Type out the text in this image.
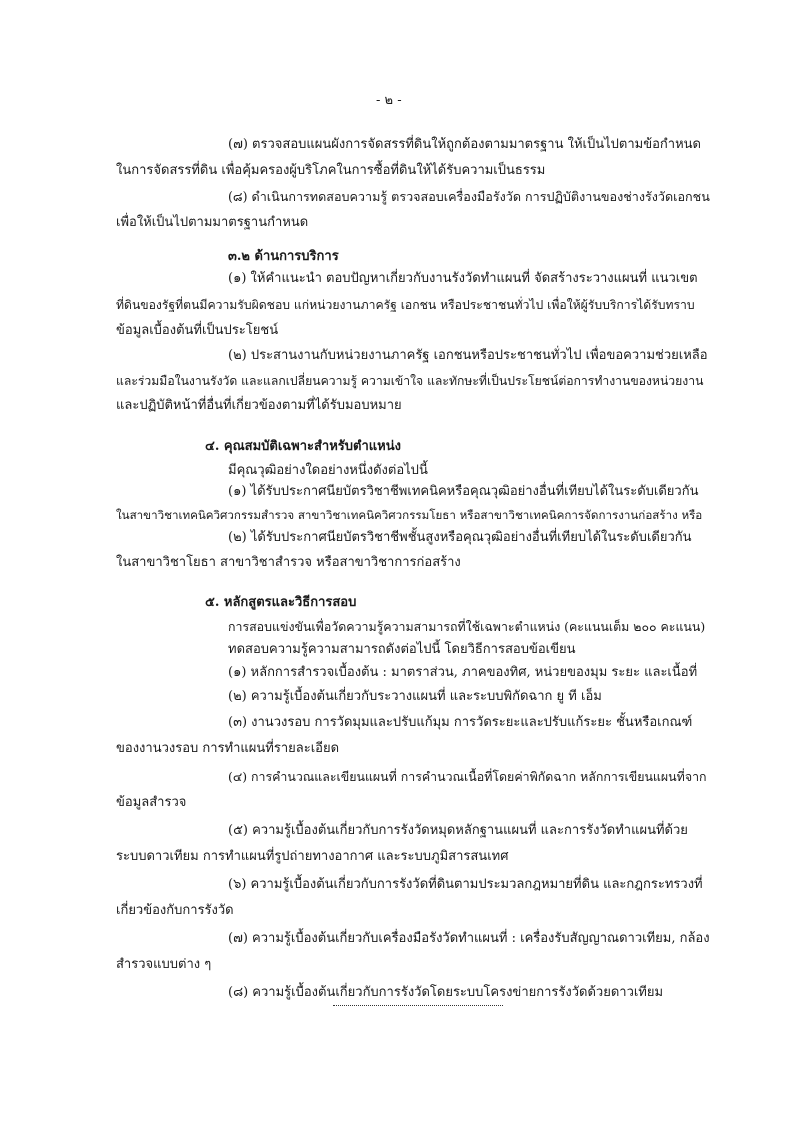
- ๒ -
(๗) ตรวจสอบแผนผังการจัดสรรที่ดินให้ถูกต้องตามมาตรฐาน ให้เป็นไปตามข้อกำหนด
ในการจัดสรรที่ดิน เพื่อคุ้มครองผู้บริโภคในการซื้อที่ดินให้ได้รับความเป็นธรรม
(๘) ดำเนินการทดสอบความรู้ ตรวจสอบเครื่องมือรังวัด การปฏิบัติงานของช่างรังวัดเอกชน
เพื่อให้เป็นไปตามมาตรฐานกำหนด
๓.๒ ด้านการบริการ
(๑) ให้คำแนะนำ ตอบปัญหาเกี่ยวกับงานรังวัดทำแผนที่ จัดสร้างระวางแผนที่ แนวเขต
ที่ดินของรัฐที่ตนมีความรับผิดชอบ แก่หน่วยงานภาครัฐ เอกชน หรือประชาชนทั่วไป เพื่อให้ผู้รับบริการได้รับทราบ
ข้อมูลเบื้องต้นที่เป็นประโยชน์
(๒) ประสานงานกับหน่วยงานภาครัฐ เอกชนหรือประชาชนทั่วไป เพื่อขอความช่วยเหลือ
และร่วมมือในงานรังวัด และแลกเปลี่ยนความรู้ ความเข้าใจ และทักษะที่เป็นประโยชน์ต่อการทำงานของหน่วยงาน
และปฏิบัติหน้าที่อื่นที่เกี่ยวข้องตามที่ได้รับมอบหมาย
๔. คุณสมบัติเฉพาะสำหรับตำแหน่ง
มีคุณวุฒิอย่างใดอย่างหนึ่งดังต่อไปนี้
(๑) ได้รับประกาศนียบัตรวิชาชีพเทคนิคหรือคุณวุฒิอย่างอื่นที่เทียบได้ในระดับเดียวกัน
ในสาขาวิชาเทคนิควิศวกรรมสำรวจ สาขาวิชาเทคนิควิศวกรรมโยธา หรือสาขาวิชาเทคนิคการจัดการงานก่อสร้าง หรือ
(๒) ได้รับประกาศนียบัตรวิชาชีพชั้นสูงหรือคุณวุฒิอย่างอื่นที่เทียบได้ในระดับเดียวกัน
ในสาขาวิชาโยธา สาขาวิชาสำรวจ หรือสาขาวิชาการก่อสร้าง
๕. หลักสูตรและวิธีการสอบ
การสอบแข่งขันเพื่อวัดความรู้ความสามารถที่ใช้เฉพาะตำแหน่ง (คะแนนเต็ม ๒๐๐ คะแนน)
ทดสอบความรู้ความสามารถดังต่อไปนี้ โดยวิธีการสอบข้อเขียน
(๑) หลักการสำรวจเบื้องต้น : มาตราส่วน, ภาคของทิศ, หน่วยของมุม ระยะ และเนื้อที่
(๒) ความรู้เบื้องต้นเกี่ยวกับระวางแผนที่ และระบบพิกัดฉาก ยู ที เอ็ม
(๓) งานวงรอบ การวัดมุมและปรับแก้มุม การวัดระยะและปรับแก้ระยะ ชั้นหรือเกณฑ์
ของงานวงรอบ การทำแผนที่รายละเอียด
(๔) การคำนวณและเขียนแผนที่ การคำนวณเนื้อที่โดยค่าพิกัดฉาก หลักการเขียนแผนที่จาก
ข้อมูลสำรวจ
(๕) ความรู้เบื้องต้นเกี่ยวกับการรังวัดหมุดหลักฐานแผนที่ และการรังวัดทำแผนที่ด้วย
ระบบดาวเทียม การทำแผนที่รูปถ่ายทางอากาศ และระบบภูมิสารสนเทศ
(๖) ความรู้เบื้องต้นเกี่ยวกับการรังวัดที่ดินตามประมวลกฎหมายที่ดิน และกฎกระทรวงที่
เกี่ยวข้องกับการรังวัด
(๗) ความรู้เบื้องต้นเกี่ยวกับเครื่องมือรังวัดทำแผนที่ : เครื่องรับสัญญาณดาวเทียม, กล้อง
สำรวจแบบต่าง ๆ
(๘) ความรู้เบื้องต้นเกี่ยวกับการรังวัดโดยระบบโครงข่ายการรังวัดด้วยดาวเทียม
